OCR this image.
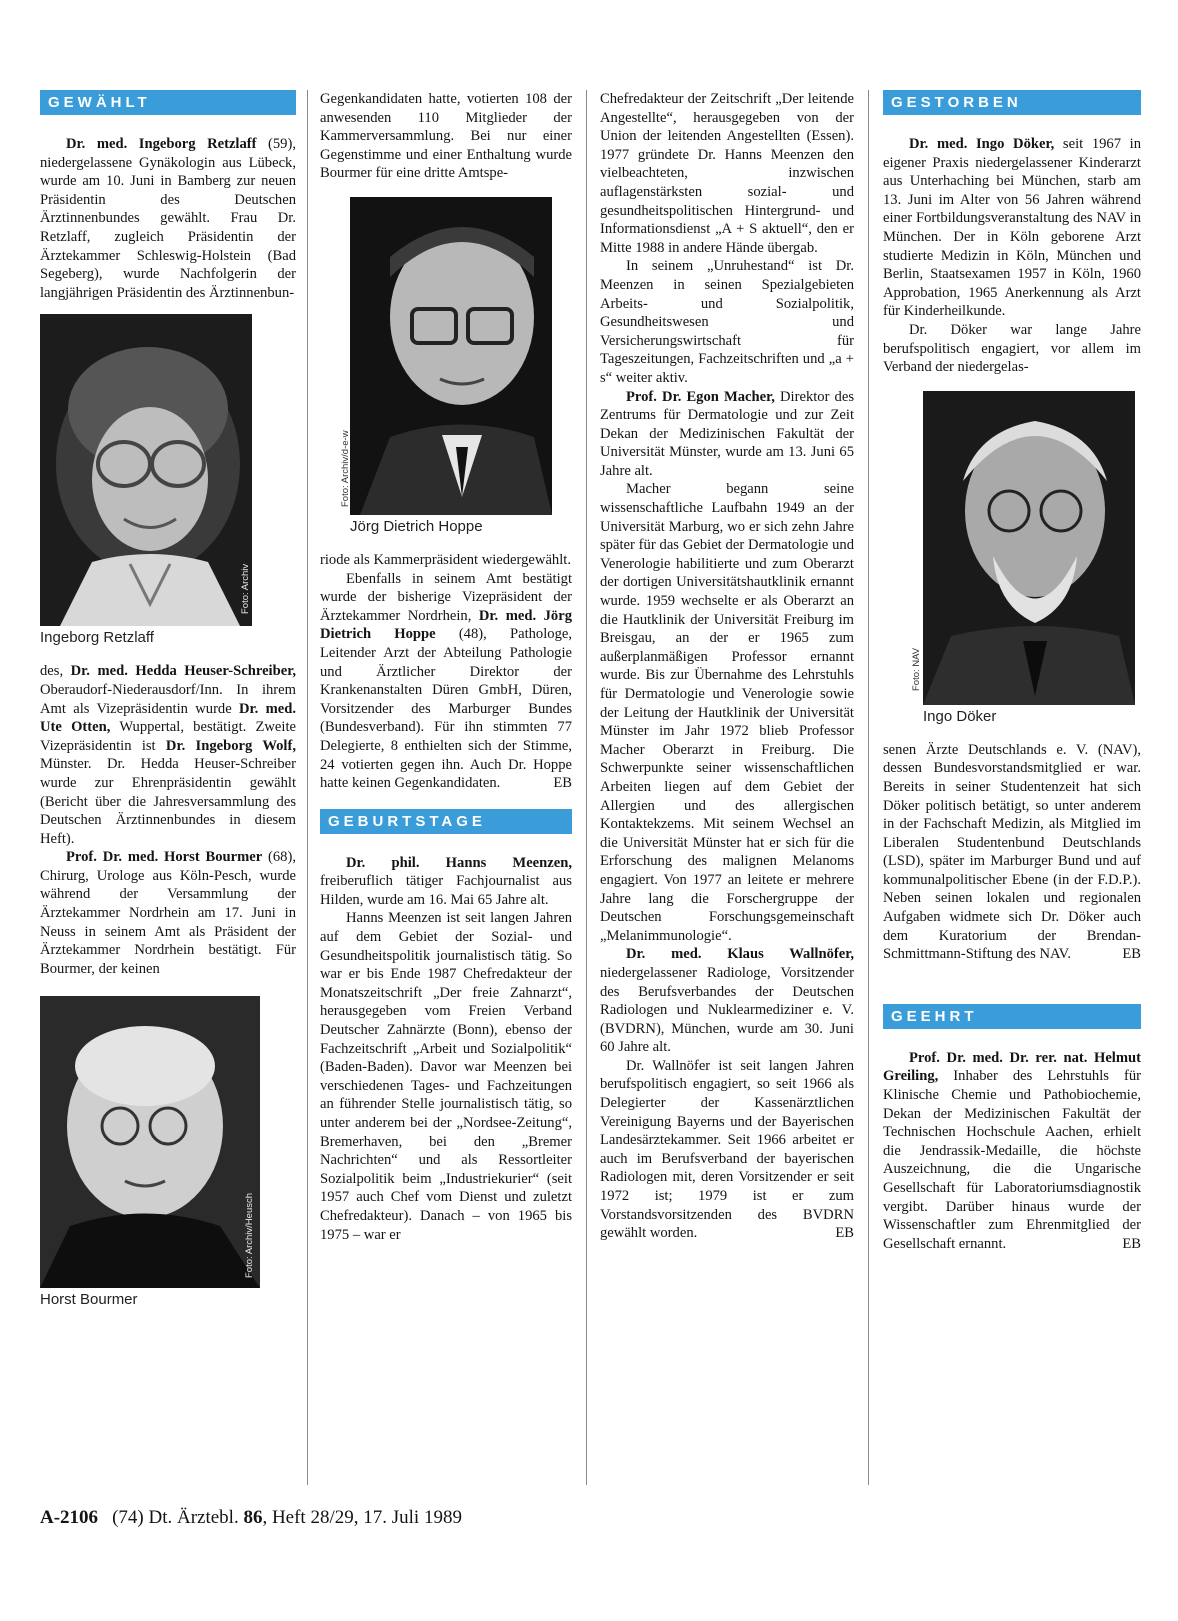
GEWÄHLT

Dr. med. Ingeborg Retzlaff (59), niedergelassene Gynäkologin aus Lübeck, wurde am 10. Juni in Bamberg zur neuen Präsidentin des Deutschen Ärztinnenbundes gewählt. Frau Dr. Retzlaff, zugleich Präsidentin der Ärztekammer Schleswig-Holstein (Bad Segeberg), wurde Nachfolgerin der langjährigen Präsidentin des Ärztinnenbun-

Foto: Archiv
Ingeborg Retzlaff

des, Dr. med. Hedda Heuser-Schreiber, Oberaudorf-Niederausdorf/Inn. In ihrem Amt als Vizepräsidentin wurde Dr. med. Ute Otten, Wuppertal, bestätigt. Zweite Vizepräsidentin ist Dr. Ingeborg Wolf, Münster. Dr. Hedda Heuser-Schreiber wurde zur Ehrenpräsidentin gewählt (Bericht über die Jahresversammlung des Deutschen Ärztinnenbundes in diesem Heft).

Prof. Dr. med. Horst Bourmer (68), Chirurg, Urologe aus Köln-Pesch, wurde während der Versammlung der Ärztekammer Nordrhein am 17. Juni in Neuss in seinem Amt als Präsident der Ärztekammer Nordrhein bestätigt. Für Bourmer, der keinen

Foto: Archiv/Heusch
Horst Bourmer

Gegenkandidaten hatte, votierten 108 der anwesenden 110 Mitglieder der Kammerversammlung. Bei nur einer Gegenstimme und einer Enthaltung wurde Bourmer für eine dritte Amtspe-

Foto: Archiv/d-e-w
Jörg Dietrich Hoppe

riode als Kammerpräsident wiedergewählt.

Ebenfalls in seinem Amt bestätigt wurde der bisherige Vizepräsident der Ärztekammer Nordrhein, Dr. med. Jörg Dietrich Hoppe (48), Pathologe, Leitender Arzt der Abteilung Pathologie und Ärztlicher Direktor der Krankenanstalten Düren GmbH, Düren, Vorsitzender des Marburger Bundes (Bundesverband). Für ihn stimmten 77 Delegierte, 8 enthielten sich der Stimme, 24 votierten gegen ihn. Auch Dr. Hoppe hatte keinen Gegenkandidaten.	EB

GEBURTSTAGE

Dr. phil. Hanns Meenzen, freiberuflich tätiger Fachjournalist aus Hilden, wurde am 16. Mai 65 Jahre alt.

Hanns Meenzen ist seit langen Jahren auf dem Gebiet der Sozial- und Gesundheitspolitik journalistisch tätig. So war er bis Ende 1987 Chefredakteur der Monatszeitschrift „Der freie Zahnarzt“, herausgegeben vom Freien Verband Deutscher Zahnärzte (Bonn), ebenso der Fachzeitschrift „Arbeit und Sozialpolitik“ (Baden-Baden). Davor war Meenzen bei verschiedenen Tages- und Fachzeitungen an führender Stelle journalistisch tätig, so unter anderem bei der „Nordsee-Zeitung“, Bremerhaven, bei den „Bremer Nachrichten“ und als Ressortleiter Sozialpolitik beim „Industriekurier“ (seit 1957 auch Chef vom Dienst und zuletzt Chefredakteur). Danach – von 1965 bis 1975 – war er

Chefredakteur der Zeitschrift „Der leitende Angestellte“, herausgegeben von der Union der leitenden Angestellten (Essen). 1977 gründete Dr. Hanns Meenzen den vielbeachteten, inzwischen auflagenstärksten sozial- und gesundheitspolitischen Hintergrund- und Informationsdienst „A + S aktuell“, den er Mitte 1988 in andere Hände übergab.

In seinem „Unruhestand“ ist Dr. Meenzen in seinen Spezialgebieten Arbeits- und Sozialpolitik, Gesundheitswesen und Versicherungswirtschaft für Tageszeitungen, Fachzeitschriften und „a + s“ weiter aktiv.

Prof. Dr. Egon Macher, Direktor des Zentrums für Dermatologie und zur Zeit Dekan der Medizinischen Fakultät der Universität Münster, wurde am 13. Juni 65 Jahre alt.

Macher begann seine wissenschaftliche Laufbahn 1949 an der Universität Marburg, wo er sich zehn Jahre später für das Gebiet der Dermatologie und Venerologie habilitierte und zum Oberarzt der dortigen Universitätshautklinik ernannt wurde. 1959 wechselte er als Oberarzt an die Hautklinik der Universität Freiburg im Breisgau, an der er 1965 zum außerplanmäßigen Professor ernannt wurde. Bis zur Übernahme des Lehrstuhls für Dermatologie und Venerologie sowie der Leitung der Hautklinik der Universität Münster im Jahr 1972 blieb Professor Macher Oberarzt in Freiburg. Die Schwerpunkte seiner wissenschaftlichen Arbeiten liegen auf dem Gebiet der Allergien und des allergischen Kontaktekzems. Mit seinem Wechsel an die Universität Münster hat er sich für die Erforschung des malignen Melanoms engagiert. Von 1977 an leitete er mehrere Jahre lang die Forschergruppe der Deutschen Forschungsgemeinschaft „Melanimmunologie“.

Dr. med. Klaus Wallnöfer, niedergelassener Radiologe, Vorsitzender des Berufsverbandes der Deutschen Radiologen und Nuklearmediziner e. V. (BVDRN), München, wurde am 30. Juni 60 Jahre alt.

Dr. Wallnöfer ist seit langen Jahren berufspolitisch engagiert, so seit 1966 als Delegierter der Kassenärztlichen Vereinigung Bayerns und der Bayerischen Landesärztekammer. Seit 1966 arbeitet er auch im Berufsverband der bayerischen Radiologen mit, deren Vorsitzender er seit 1972 ist; 1979 ist er zum Vorstandsvorsitzenden des BVDRN gewählt worden.	EB

GESTORBEN

Dr. med. Ingo Döker, seit 1967 in eigener Praxis niedergelassener Kinderarzt aus Unterhaching bei München, starb am 13. Juni im Alter von 56 Jahren während einer Fortbildungsveranstaltung des NAV in München. Der in Köln geborene Arzt studierte Medizin in Köln, München und Berlin, Staatsexamen 1957 in Köln, 1960 Approbation, 1965 Anerkennung als Arzt für Kinderheilkunde.

Dr. Döker war lange Jahre berufspolitisch engagiert, vor allem im Verband der niedergelas-

Foto: NAV
Ingo Döker

senen Ärzte Deutschlands e. V. (NAV), dessen Bundesvorstandsmitglied er war. Bereits in seiner Studentenzeit hat sich Döker politisch betätigt, so unter anderem in der Fachschaft Medizin, als Mitglied im Liberalen Studentenbund Deutschlands (LSD), später im Marburger Bund und auf kommunalpolitischer Ebene (in der F.D.P.). Neben seinen lokalen und regionalen Aufgaben widmete sich Dr. Döker auch dem Kuratorium der Brendan-Schmittmann-Stiftung des NAV.	EB

GEEHRT

Prof. Dr. med. Dr. rer. nat. Helmut Greiling, Inhaber des Lehrstuhls für Klinische Chemie und Pathobiochemie, Dekan der Medizinischen Fakultät der Technischen Hochschule Aachen, erhielt die Jendrassik-Medaille, die höchste Auszeichnung, die die Ungarische Gesellschaft für Laboratoriumsdiagnostik vergibt. Darüber hinaus wurde der Wissenschaftler zum Ehrenmitglied der Gesellschaft ernannt.	EB

A-2106 (74) Dt. Ärztebl. 86, Heft 28/29, 17. Juli 1989
